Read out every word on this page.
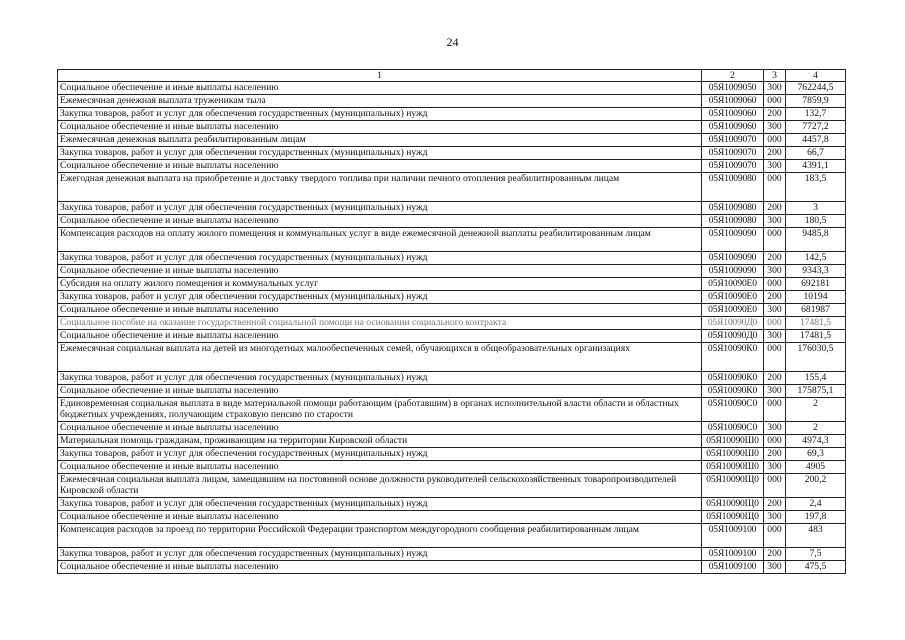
24
1	2	3	4
Социальное обеспечение и иные выплаты населению	05Я1009050	300	762244,5
Ежемесячная денежная выплата труженикам тыла	05Я1009060	000	7859,9
Закупка товаров, работ и услуг для обеспечения государственных (муниципальных) нужд	05Я1009060	200	132,7
Социальное обеспечение и иные выплаты населению	05Я1009060	300	7727,2
Ежемесячная денежная выплата реабилитированным лицам	05Я1009070	000	4457,8
Закупка товаров, работ и услуг для обеспечения государственных (муниципальных) нужд	05Я1009070	200	66,7
Социальное обеспечение и иные выплаты населению	05Я1009070	300	4391,1
Ежегодная денежная выплата на приобретение и доставку твердого топлива при наличии печного отопления реабилитированным лицам	05Я1009080	000	183,5
Закупка товаров, работ и услуг для обеспечения государственных (муниципальных) нужд	05Я1009080	200	3
Социальное обеспечение и иные выплаты населению	05Я1009080	300	180,5
Компенсация расходов на оплату жилого помещения и коммунальных услуг в виде ежемесячной денежной выплаты реабилитированным лицам	05Я1009090	000	9485,8
Закупка товаров, работ и услуг для обеспечения государственных (муниципальных) нужд	05Я1009090	200	142,5
Социальное обеспечение и иные выплаты населению	05Я1009090	300	9343,3
Субсидия на оплату жилого помещения и коммунальных услуг	05Я10090Е0	000	692181
Закупка товаров, работ и услуг для обеспечения государственных (муниципальных) нужд	05Я10090Е0	200	10194
Социальное обеспечение и иные выплаты населению	05Я10090Е0	300	681987
Социальное пособие на оказание государственной социальной помощи на основании социального контракта	05Я10090Д0	000	17481,5
Социальное обеспечение и иные выплаты населению	05Я10090Д0	300	17481,5
Ежемесячная социальная выплата на детей из многодетных малообеспеченных семей, обучающихся в общеобразовательных организациях	05Я10090К0	000	176030,5
Закупка товаров, работ и услуг для обеспечения государственных (муниципальных) нужд	05Я10090К0	200	155,4
Социальное обеспечение и иные выплаты населению	05Я10090К0	300	175875,1
Единовременная социальная выплата в виде материальной помощи работающим (работавшим) в органах исполнительной власти области и областных бюджетных учреждениях, получающим страховую пенсию по старости	05Я10090С0	000	2
Социальное обеспечение и иные выплаты населению	05Я10090С0	300	2
Материальная помощь гражданам, проживающим на территории Кировской области	05Я10090Ш0	000	4974,3
Закупка товаров, работ и услуг для обеспечения государственных (муниципальных) нужд	05Я10090Ш0	200	69,3
Социальное обеспечение и иные выплаты населению	05Я10090Ш0	300	4905
Ежемесячная социальная выплата лицам, замещавшим на постоянной основе должности руководителей сельскохозяйственных товаропроизводителей Кировской области	05Я10090Щ0	000	200,2
Закупка товаров, работ и услуг для обеспечения государственных (муниципальных) нужд	05Я10090Щ0	200	2,4
Социальное обеспечение и иные выплаты населению	05Я10090Щ0	300	197,8
Компенсация расходов за проезд по территории Российской Федерации транспортом междугородного сообщения реабилитированным лицам	05Я1009100	000	483
Закупка товаров, работ и услуг для обеспечения государственных (муниципальных) нужд	05Я1009100	200	7,5
Социальное обеспечение и иные выплаты населению	05Я1009100	300	475,5
